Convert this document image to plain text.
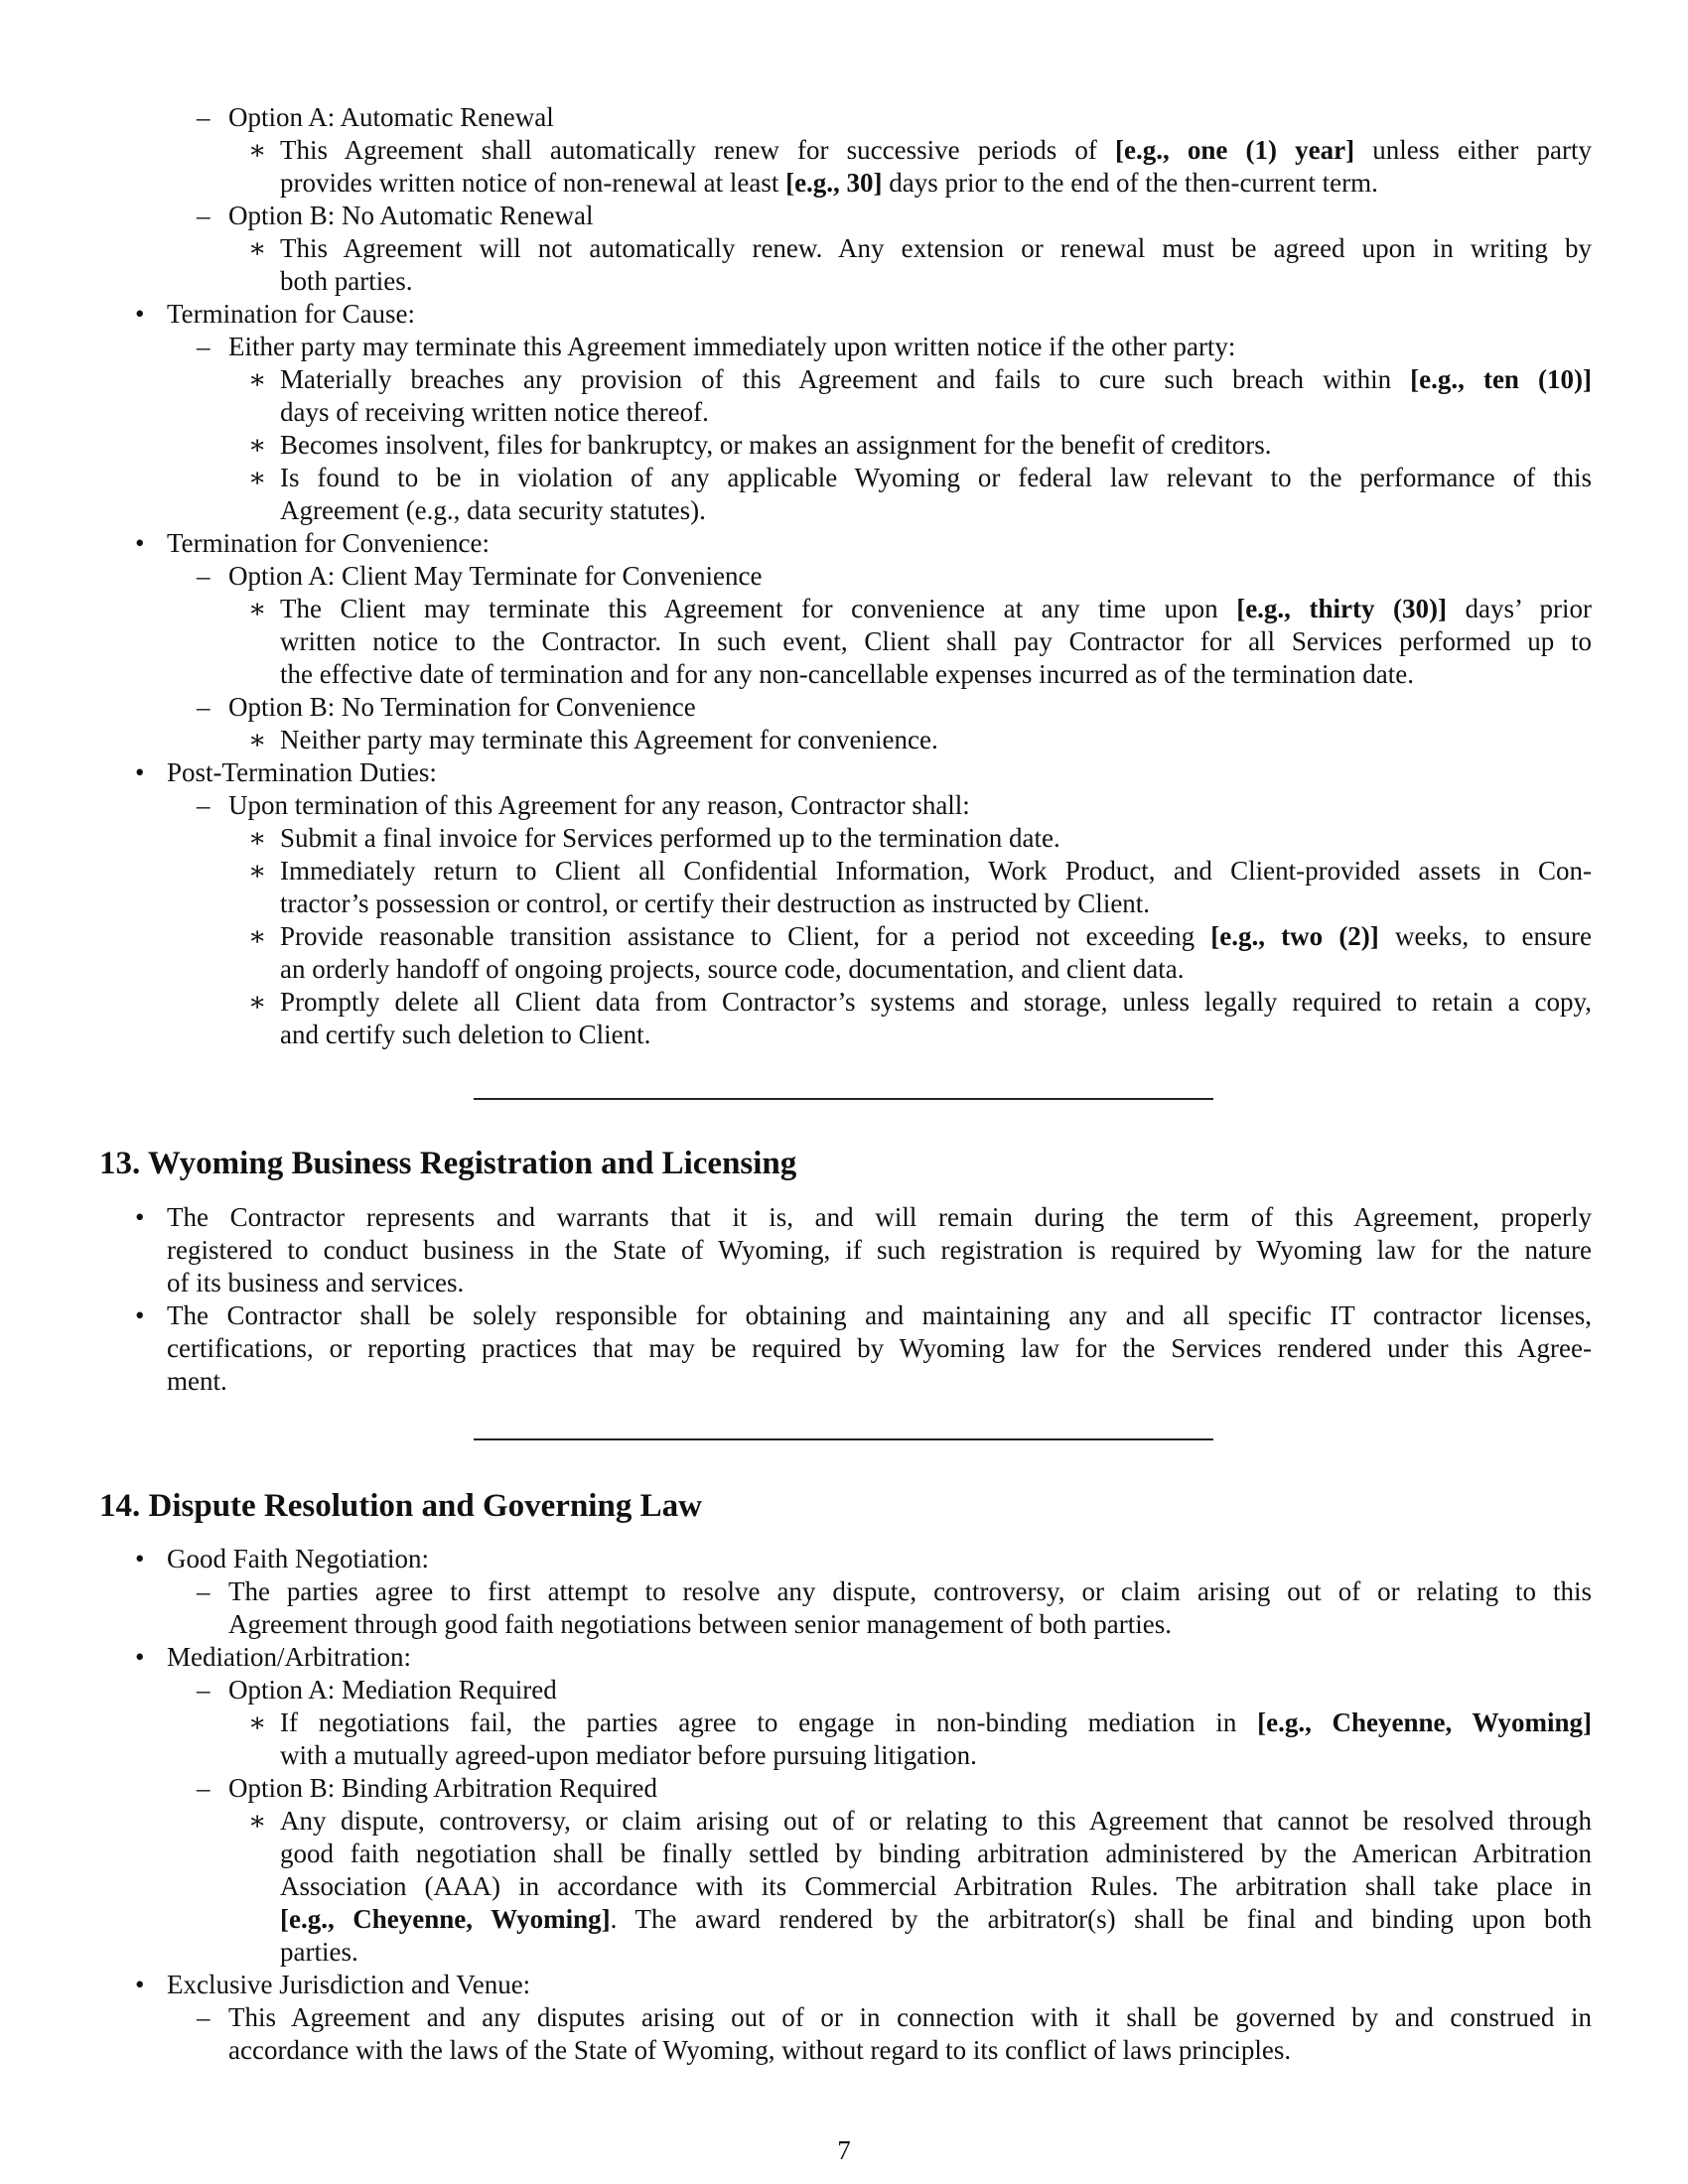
– Option A: Automatic Renewal
∗ This Agreement shall automatically renew for successive periods of [e.g., one (1) year] unless either party
provides written notice of non-renewal at least [e.g., 30] days prior to the end of the then-current term.
– Option B: No Automatic Renewal
∗ This Agreement will not automatically renew. Any extension or renewal must be agreed upon in writing by
both parties.
• Termination for Cause:
– Either party may terminate this Agreement immediately upon written notice if the other party:
∗ Materially breaches any provision of this Agreement and fails to cure such breach within [e.g., ten (10)]
days of receiving written notice thereof.
∗ Becomes insolvent, files for bankruptcy, or makes an assignment for the benefit of creditors.
∗ Is found to be in violation of any applicable Wyoming or federal law relevant to the performance of this
Agreement (e.g., data security statutes).
• Termination for Convenience:
– Option A: Client May Terminate for Convenience
∗ The Client may terminate this Agreement for convenience at any time upon [e.g., thirty (30)] days’ prior
written notice to the Contractor. In such event, Client shall pay Contractor for all Services performed up to
the effective date of termination and for any non-cancellable expenses incurred as of the termination date.
– Option B: No Termination for Convenience
∗ Neither party may terminate this Agreement for convenience.
• Post-Termination Duties:
– Upon termination of this Agreement for any reason, Contractor shall:
∗ Submit a final invoice for Services performed up to the termination date.
∗ Immediately return to Client all Confidential Information, Work Product, and Client-provided assets in Con-
tractor’s possession or control, or certify their destruction as instructed by Client.
∗ Provide reasonable transition assistance to Client, for a period not exceeding [e.g., two (2)] weeks, to ensure
an orderly handoff of ongoing projects, source code, documentation, and client data.
∗ Promptly delete all Client data from Contractor’s systems and storage, unless legally required to retain a copy,
and certify such deletion to Client.
13. Wyoming Business Registration and Licensing
• The Contractor represents and warrants that it is, and will remain during the term of this Agreement, properly
registered to conduct business in the State of Wyoming, if such registration is required by Wyoming law for the nature
of its business and services.
• The Contractor shall be solely responsible for obtaining and maintaining any and all specific IT contractor licenses,
certifications, or reporting practices that may be required by Wyoming law for the Services rendered under this Agree-
ment.
14. Dispute Resolution and Governing Law
• Good Faith Negotiation:
– The parties agree to first attempt to resolve any dispute, controversy, or claim arising out of or relating to this
Agreement through good faith negotiations between senior management of both parties.
• Mediation/Arbitration:
– Option A: Mediation Required
∗ If negotiations fail, the parties agree to engage in non-binding mediation in [e.g., Cheyenne, Wyoming]
with a mutually agreed-upon mediator before pursuing litigation.
– Option B: Binding Arbitration Required
∗ Any dispute, controversy, or claim arising out of or relating to this Agreement that cannot be resolved through
good faith negotiation shall be finally settled by binding arbitration administered by the American Arbitration
Association (AAA) in accordance with its Commercial Arbitration Rules. The arbitration shall take place in
[e.g., Cheyenne, Wyoming]. The award rendered by the arbitrator(s) shall be final and binding upon both
parties.
• Exclusive Jurisdiction and Venue:
– This Agreement and any disputes arising out of or in connection with it shall be governed by and construed in
accordance with the laws of the State of Wyoming, without regard to its conflict of laws principles.
7
